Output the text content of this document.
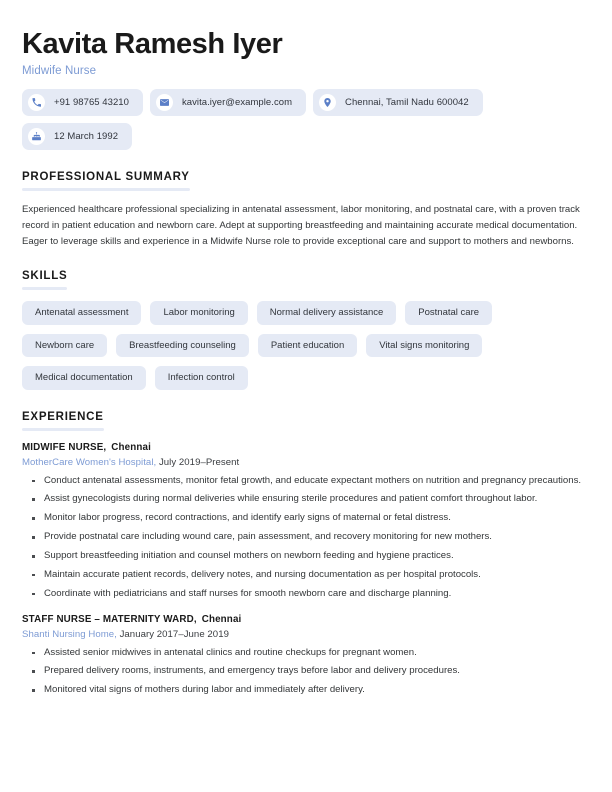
Kavita Ramesh Iyer
Midwife Nurse
+91 98765 43210	kavita.iyer@example.com	Chennai, Tamil Nadu 600042
12 March 1992
PROFESSIONAL SUMMARY

Experienced healthcare professional specializing in antenatal assessment, labor monitoring, and postnatal care, with a proven track record in patient education and newborn care. Adept at supporting breastfeeding and maintaining accurate medical documentation. Eager to leverage skills and experience in a Midwife Nurse role to provide exceptional care and support to mothers and newborns.

SKILLS
Antenatal assessment	Labor monitoring	Normal delivery assistance	Postnatal care
Newborn care	Breastfeeding counseling	Patient education	Vital signs monitoring
Medical documentation	Infection control
EXPERIENCE
MIDWIFE NURSE, Chennai
MotherCare Women's Hospital, July 2019–Present
Conduct antenatal assessments, monitor fetal growth, and educate expectant mothers on nutrition and pregnancy precautions.
Assist gynecologists during normal deliveries while ensuring sterile procedures and patient comfort throughout labor.
Monitor labor progress, record contractions, and identify early signs of maternal or fetal distress.
Provide postnatal care including wound care, pain assessment, and recovery monitoring for new mothers.
Support breastfeeding initiation and counsel mothers on newborn feeding and hygiene practices.
Maintain accurate patient records, delivery notes, and nursing documentation as per hospital protocols.
Coordinate with pediatricians and staff nurses for smooth newborn care and discharge planning.
STAFF NURSE – MATERNITY WARD, Chennai
Shanti Nursing Home, January 2017–June 2019
Assisted senior midwives in antenatal clinics and routine checkups for pregnant women.
Prepared delivery rooms, instruments, and emergency trays before labor and delivery procedures.
Monitored vital signs of mothers during labor and immediately after delivery.
